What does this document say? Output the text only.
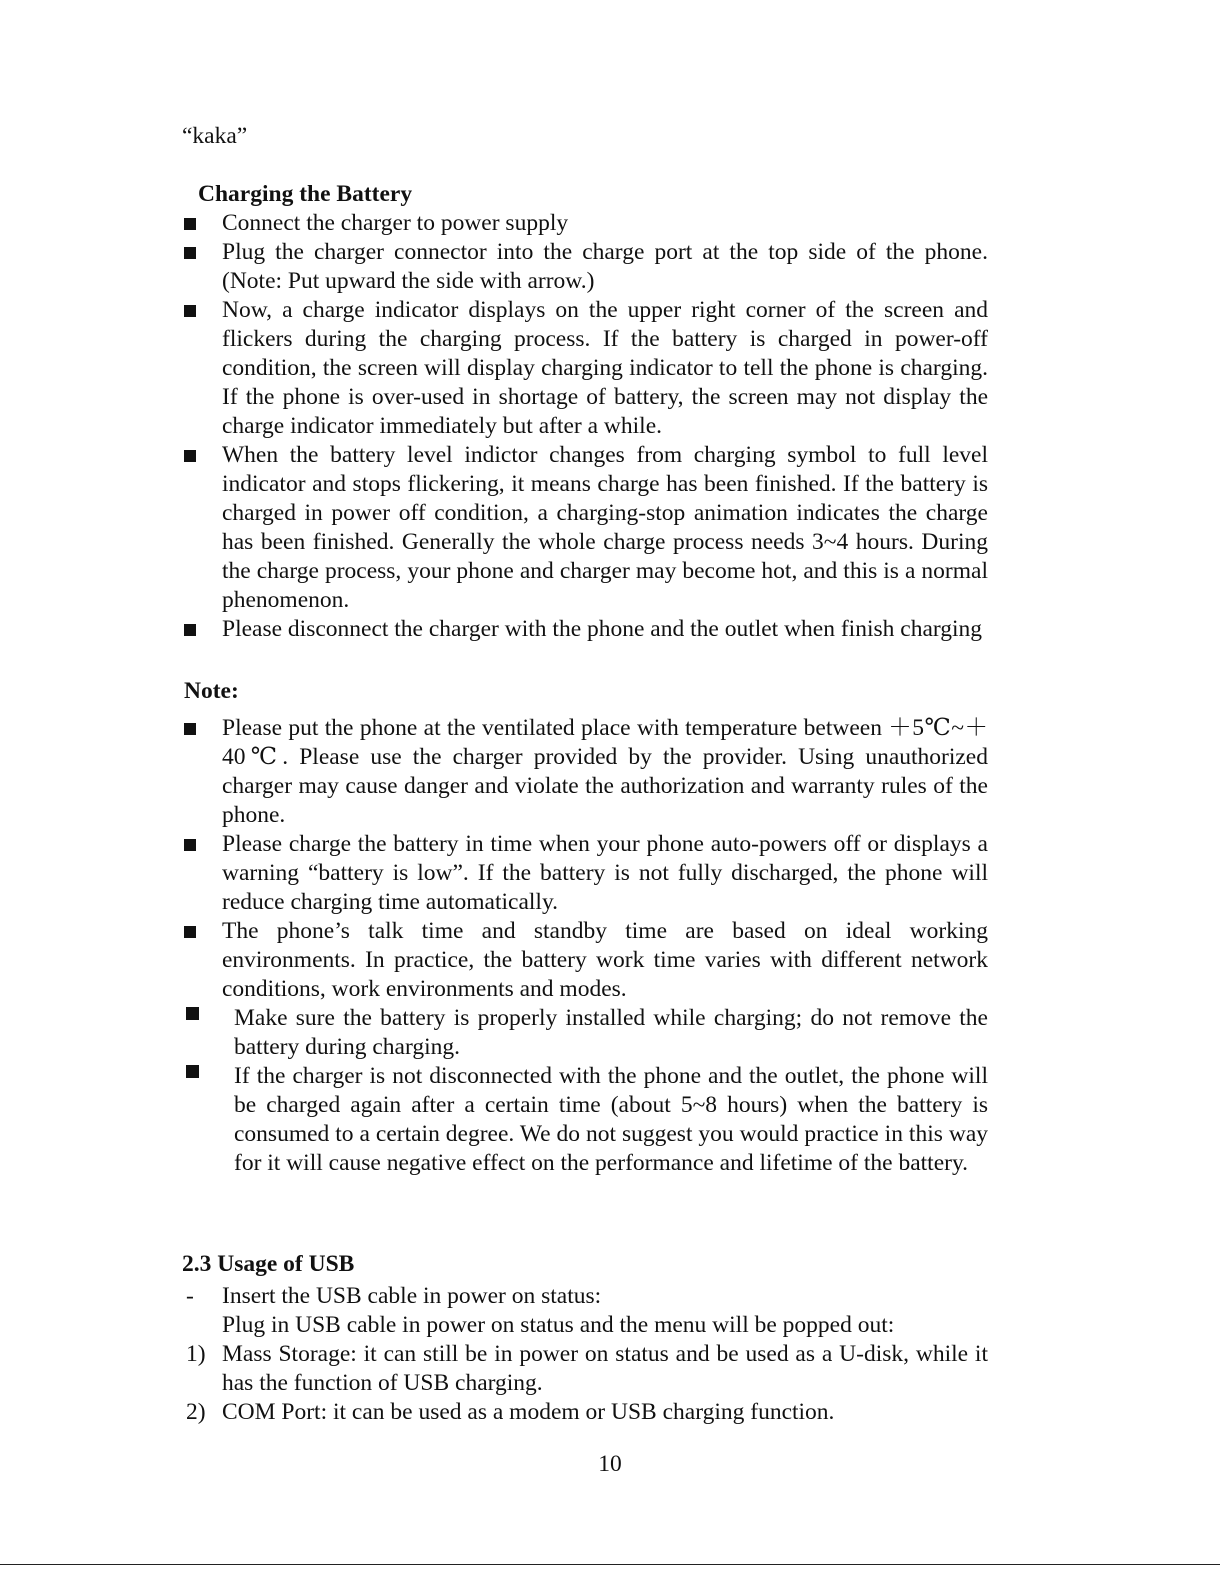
“kaka”

Charging the Battery
Connect the charger to power supply
Plug the charger connector into the charge port at the top side of the phone. (Note: Put upward the side with arrow.)
Now, a charge indicator displays on the upper right corner of the screen and flickers during the charging process. If the battery is charged in power-off condition, the screen will display charging indicator to tell the phone is charging. If the phone is over-used in shortage of battery, the screen may not display the charge indicator immediately but after a while.
When the battery level indictor changes from charging symbol to full level indicator and stops flickering, it means charge has been finished. If the battery is charged in power off condition, a charging-stop animation indicates the charge has been finished. Generally the whole charge process needs 3~4 hours. During the charge process, your phone and charger may become hot, and this is a normal phenomenon.
Please disconnect the charger with the phone and the outlet when finish charging
Note:
Please put the phone at the ventilated place with temperature between ＋5℃~＋40℃. Please use the charger provided by the provider. Using unauthorized charger may cause danger and violate the authorization and warranty rules of the phone.
Please charge the battery in time when your phone auto-powers off or displays a warning “battery is low”. If the battery is not fully discharged, the phone will reduce charging time automatically.
The phone’s talk time and standby time are based on ideal working environments. In practice, the battery work time varies with different network conditions, work environments and modes.
Make sure the battery is properly installed while charging; do not remove the battery during charging.
If the charger is not disconnected with the phone and the outlet, the phone will be charged again after a certain time (about 5~8 hours) when the battery is consumed to a certain degree. We do not suggest you would practice in this way for it will cause negative effect on the performance and lifetime of the battery.
2.3 Usage of USB
- Insert the USB cable in power on status:
Plug in USB cable in power on status and the menu will be popped out:
1) Mass Storage: it can still be in power on status and be used as a U-disk, while it has the function of USB charging.
2) COM Port: it can be used as a modem or USB charging function.

10
